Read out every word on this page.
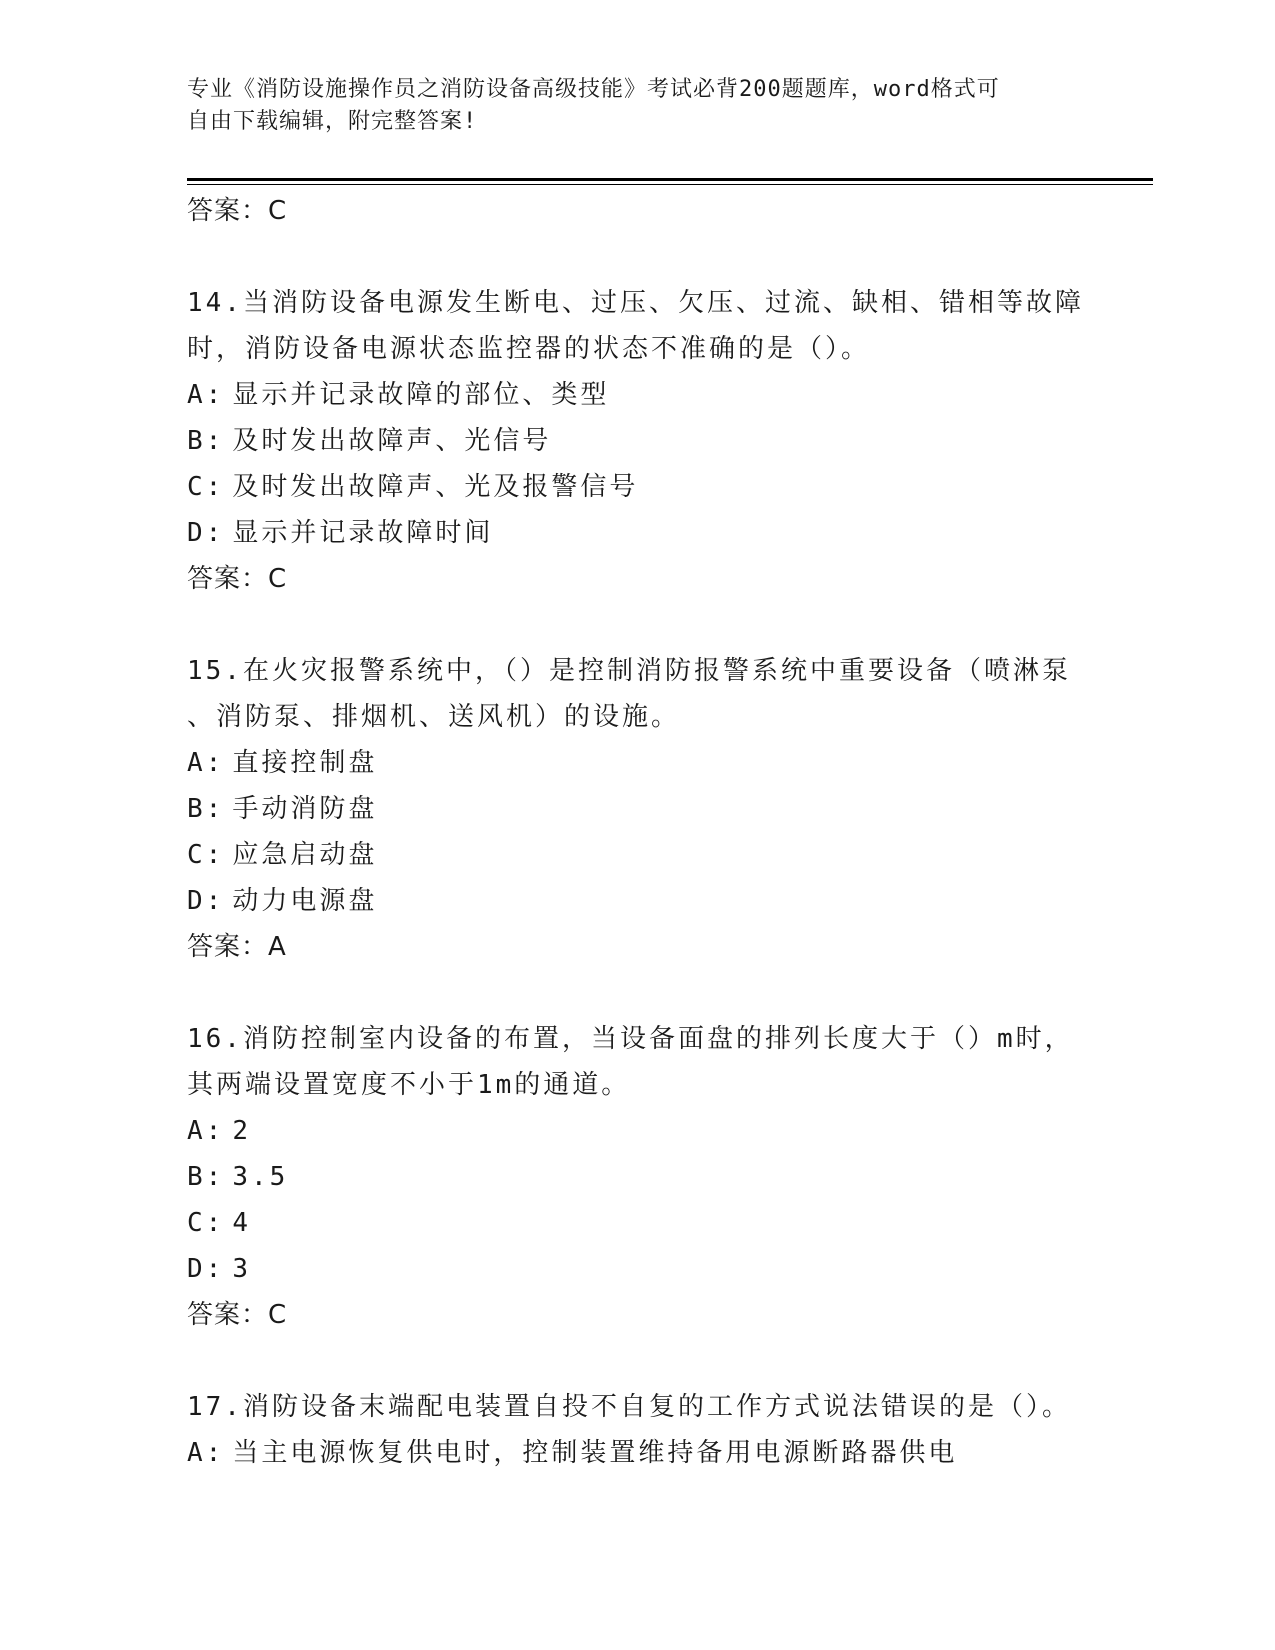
专业《消防设施操作员之消防设备高级技能》考试必背200题题库，word格式可
自由下载编辑，附完整答案!
答案：C
14.当消防设备电源发生断电、过压、欠压、过流、缺相、错相等故障
时，消防设备电源状态监控器的状态不准确的是（）。
A: 显示并记录故障的部位、类型
B: 及时发出故障声、光信号
C: 及时发出故障声、光及报警信号
D: 显示并记录故障时间
答案：C
15.在火灾报警系统中，（）是控制消防报警系统中重要设备（喷淋泵
、消防泵、排烟机、送风机）的设施。
A: 直接控制盘
B: 手动消防盘
C: 应急启动盘
D: 动力电源盘
答案：A
16.消防控制室内设备的布置，当设备面盘的排列长度大于（）m时，
其两端设置宽度不小于1m的通道。
A: 2
B: 3.5
C: 4
D: 3
答案：C
17.消防设备末端配电装置自投不自复的工作方式说法错误的是（）。
A: 当主电源恢复供电时，控制装置维持备用电源断路器供电
